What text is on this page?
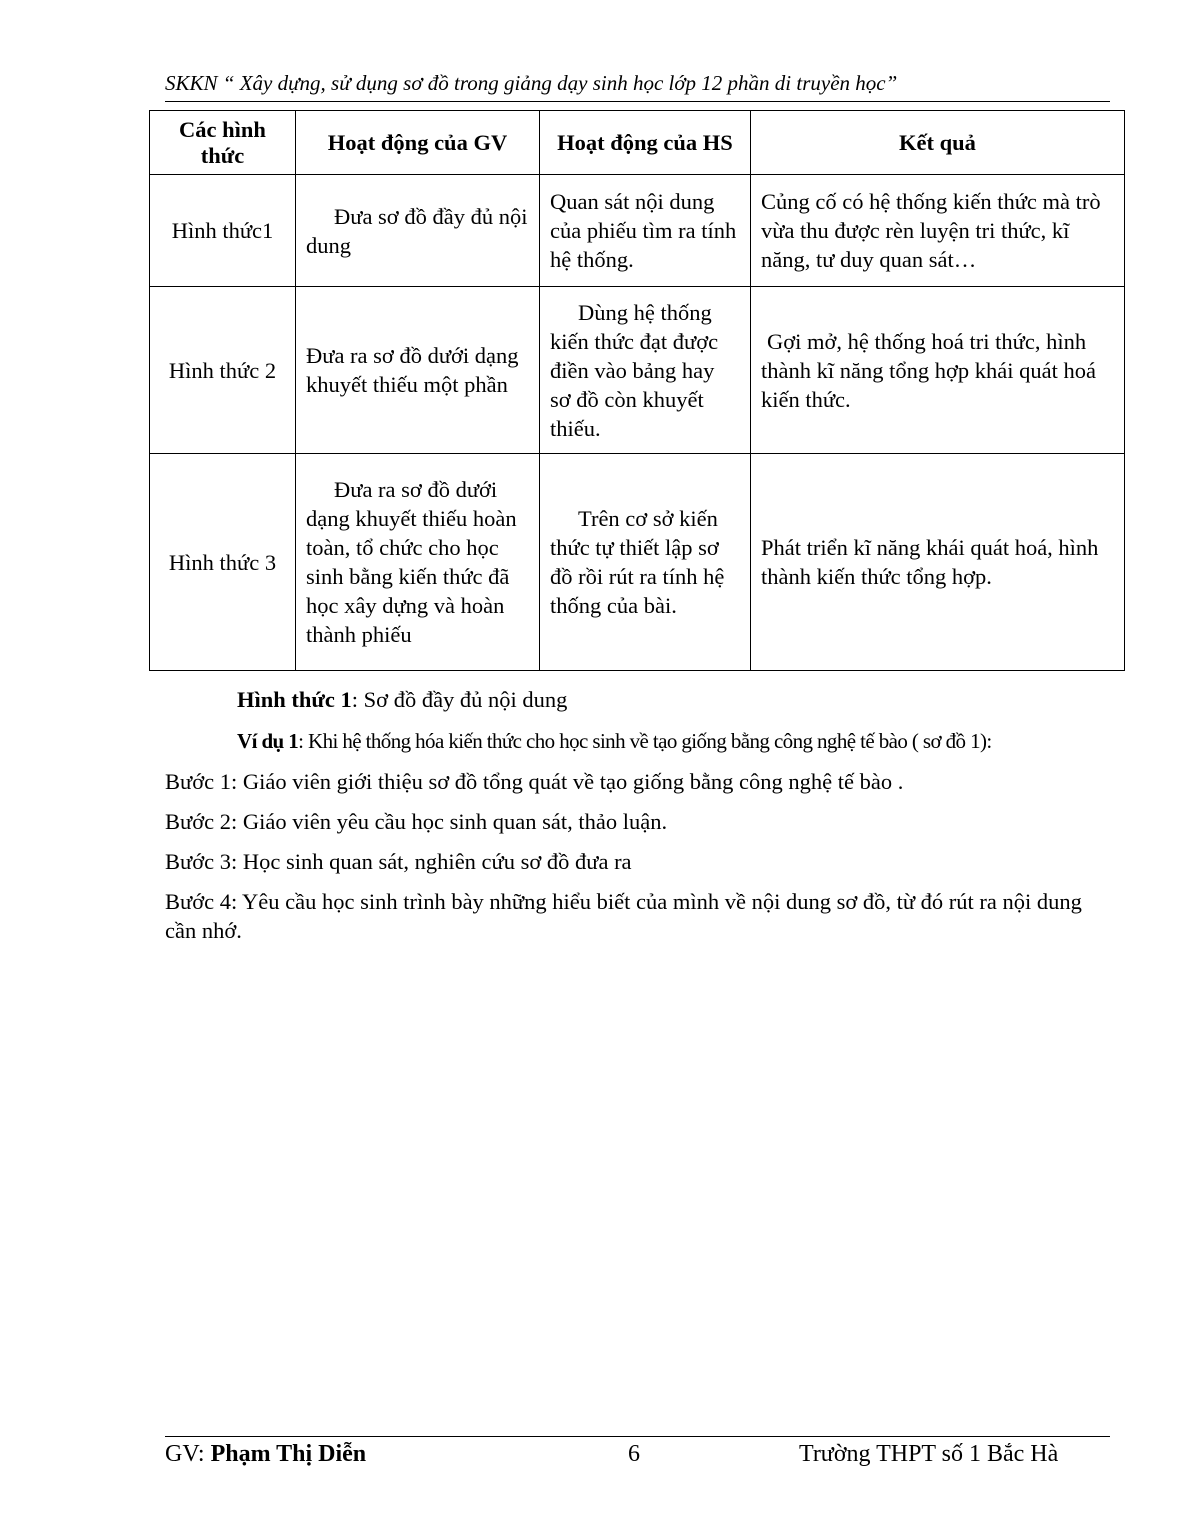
SKKN “ Xây dựng, sử dụng sơ đồ trong giảng dạy sinh học lớp 12 phần di truyền học”
Các hình thức	Hoạt động của GV	Hoạt động của HS	Kết quả
Hình thức1	Đưa sơ đồ đầy đủ nội dung	Quan sát nội dung của phiếu tìm ra tính hệ thống.	Củng cố có hệ thống kiến thức mà trò vừa thu được rèn luyện tri thức, kĩ năng, tư duy quan sát…
Hình thức 2	Đưa ra sơ đồ dưới dạng khuyết thiếu một phần	Dùng hệ thống kiến thức đạt được điền vào bảng hay sơ đồ còn khuyết thiếu.	Gợi mở, hệ thống hoá tri thức, hình thành kĩ năng tổng hợp khái quát hoá kiến thức.
Hình thức 3	Đưa ra sơ đồ dưới dạng khuyết thiếu hoàn toàn, tổ chức cho học sinh bằng kiến thức đã học xây dựng và hoàn thành phiếu	Trên cơ sở kiến thức tự thiết lập sơ đồ rồi rút ra tính hệ thống của bài.	Phát triển kĩ năng khái quát hoá, hình thành kiến thức tổng hợp.
Hình thức 1: Sơ đồ đầy đủ nội dung
Ví dụ 1: Khi hệ thống hóa kiến thức cho học sinh về tạo giống bằng công nghệ tế bào ( sơ đồ 1):
Bước 1: Giáo viên giới thiệu sơ đồ tổng quát về tạo giống bằng công nghệ tế bào .
Bước 2: Giáo viên yêu cầu học sinh quan sát, thảo luận.
Bước 3: Học sinh quan sát, nghiên cứu sơ đồ đưa ra
Bước 4: Yêu cầu học sinh trình bày những hiểu biết của mình về nội dung sơ đồ, từ đó rút ra nội dung cần nhớ.
GV: Phạm Thị Diễn	6	Trường THPT số 1 Bắc Hà
